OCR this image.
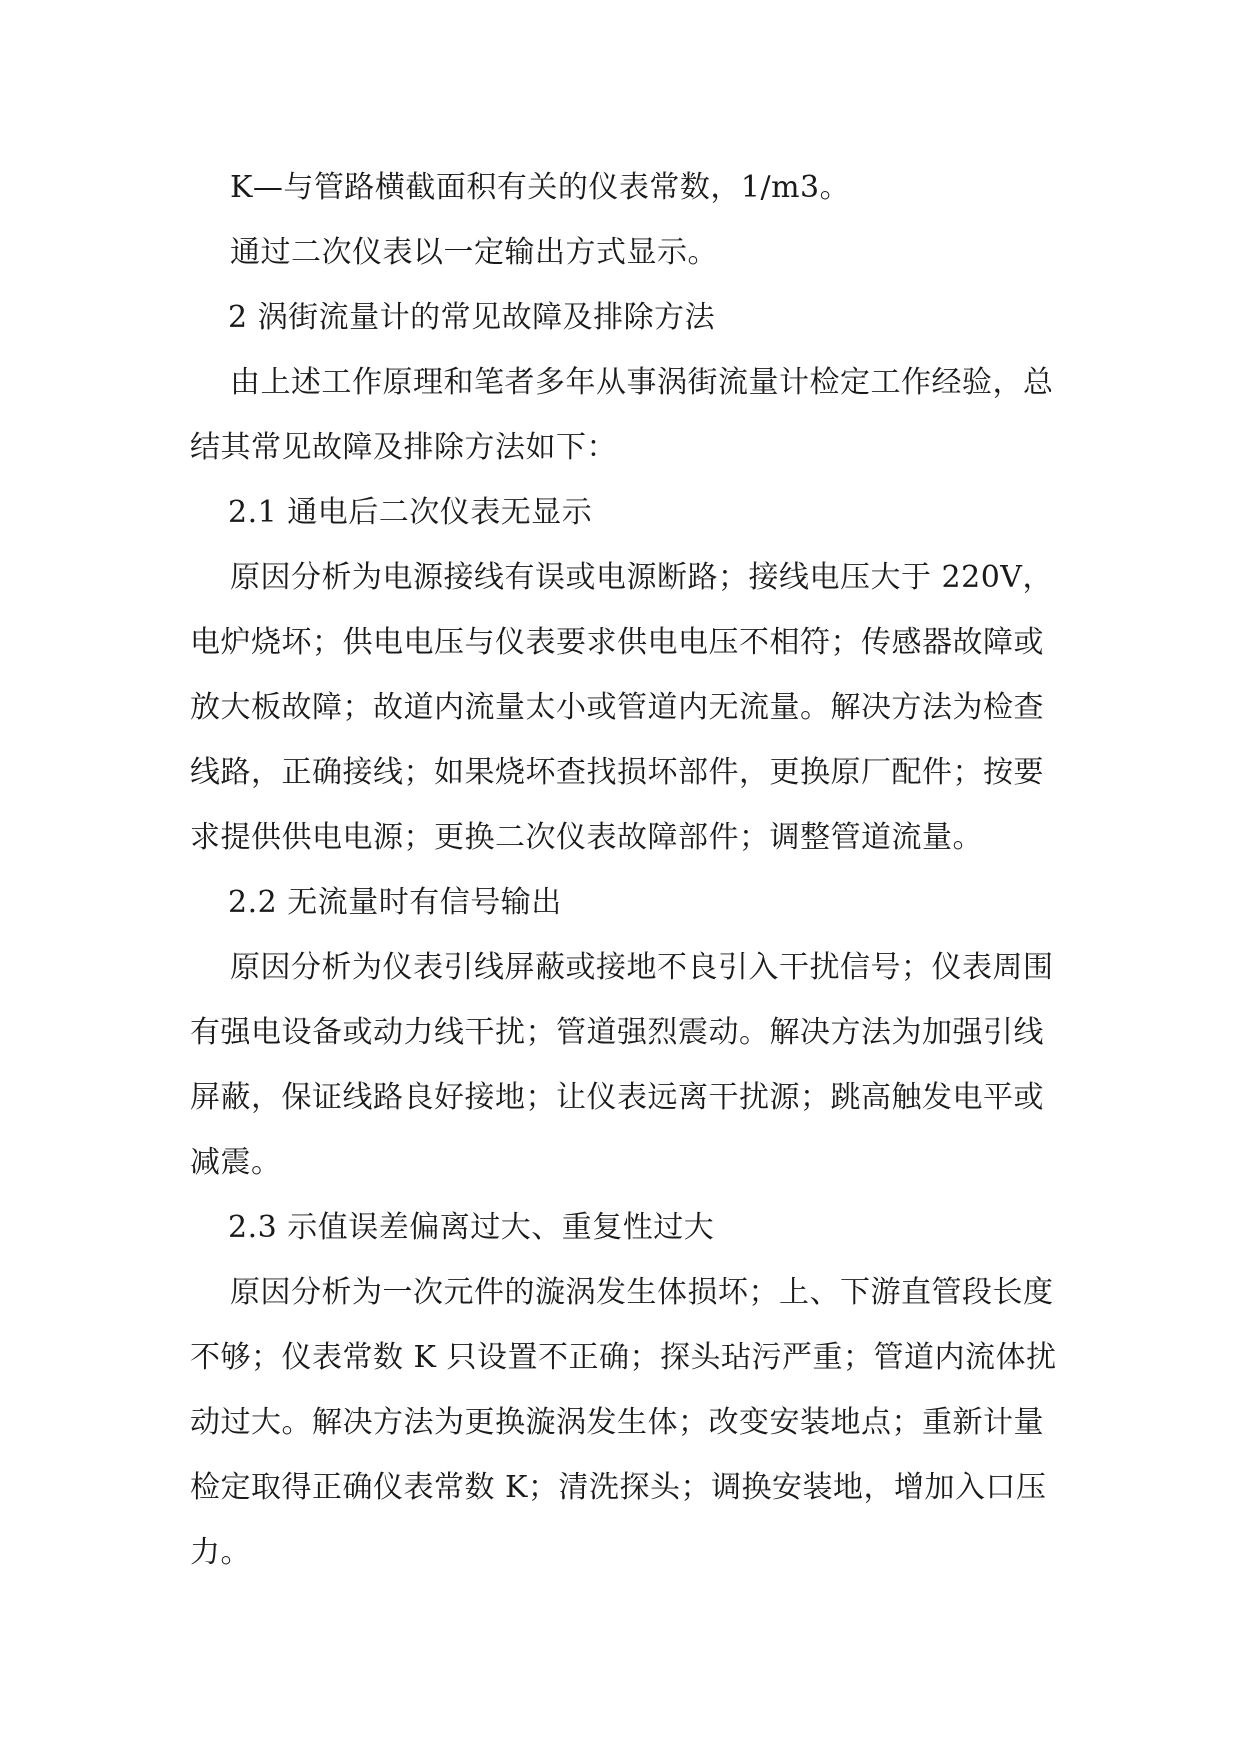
K—与管路横截面积有关的仪表常数，1/m3。

通过二次仪表以一定输出方式显示。

2 涡街流量计的常见故障及排除方法

由上述工作原理和笔者多年从事涡街流量计检定工作经验，总结其常见故障及排除方法如下：

2.1 通电后二次仪表无显示

原因分析为电源接线有误或电源断路；接线电压大于 220V，电炉烧坏；供电电压与仪表要求供电电压不相符；传感器故障或放大板故障；故道内流量太小或管道内无流量。解决方法为检查线路，正确接线；如果烧坏查找损坏部件，更换原厂配件；按要求提供供电电源；更换二次仪表故障部件；调整管道流量。

2.2 无流量时有信号输出

原因分析为仪表引线屏蔽或接地不良引入干扰信号；仪表周围有强电设备或动力线干扰；管道强烈震动。解决方法为加强引线屏蔽，保证线路良好接地；让仪表远离干扰源；跳高触发电平或减震。

2.3 示值误差偏离过大、重复性过大

原因分析为一次元件的漩涡发生体损坏；上、下游直管段长度不够；仪表常数 K 只设置不正确；探头玷污严重；管道内流体扰动过大。解决方法为更换漩涡发生体；改变安装地点；重新计量检定取得正确仪表常数 K；清洗探头；调换安装地，增加入口压力。
